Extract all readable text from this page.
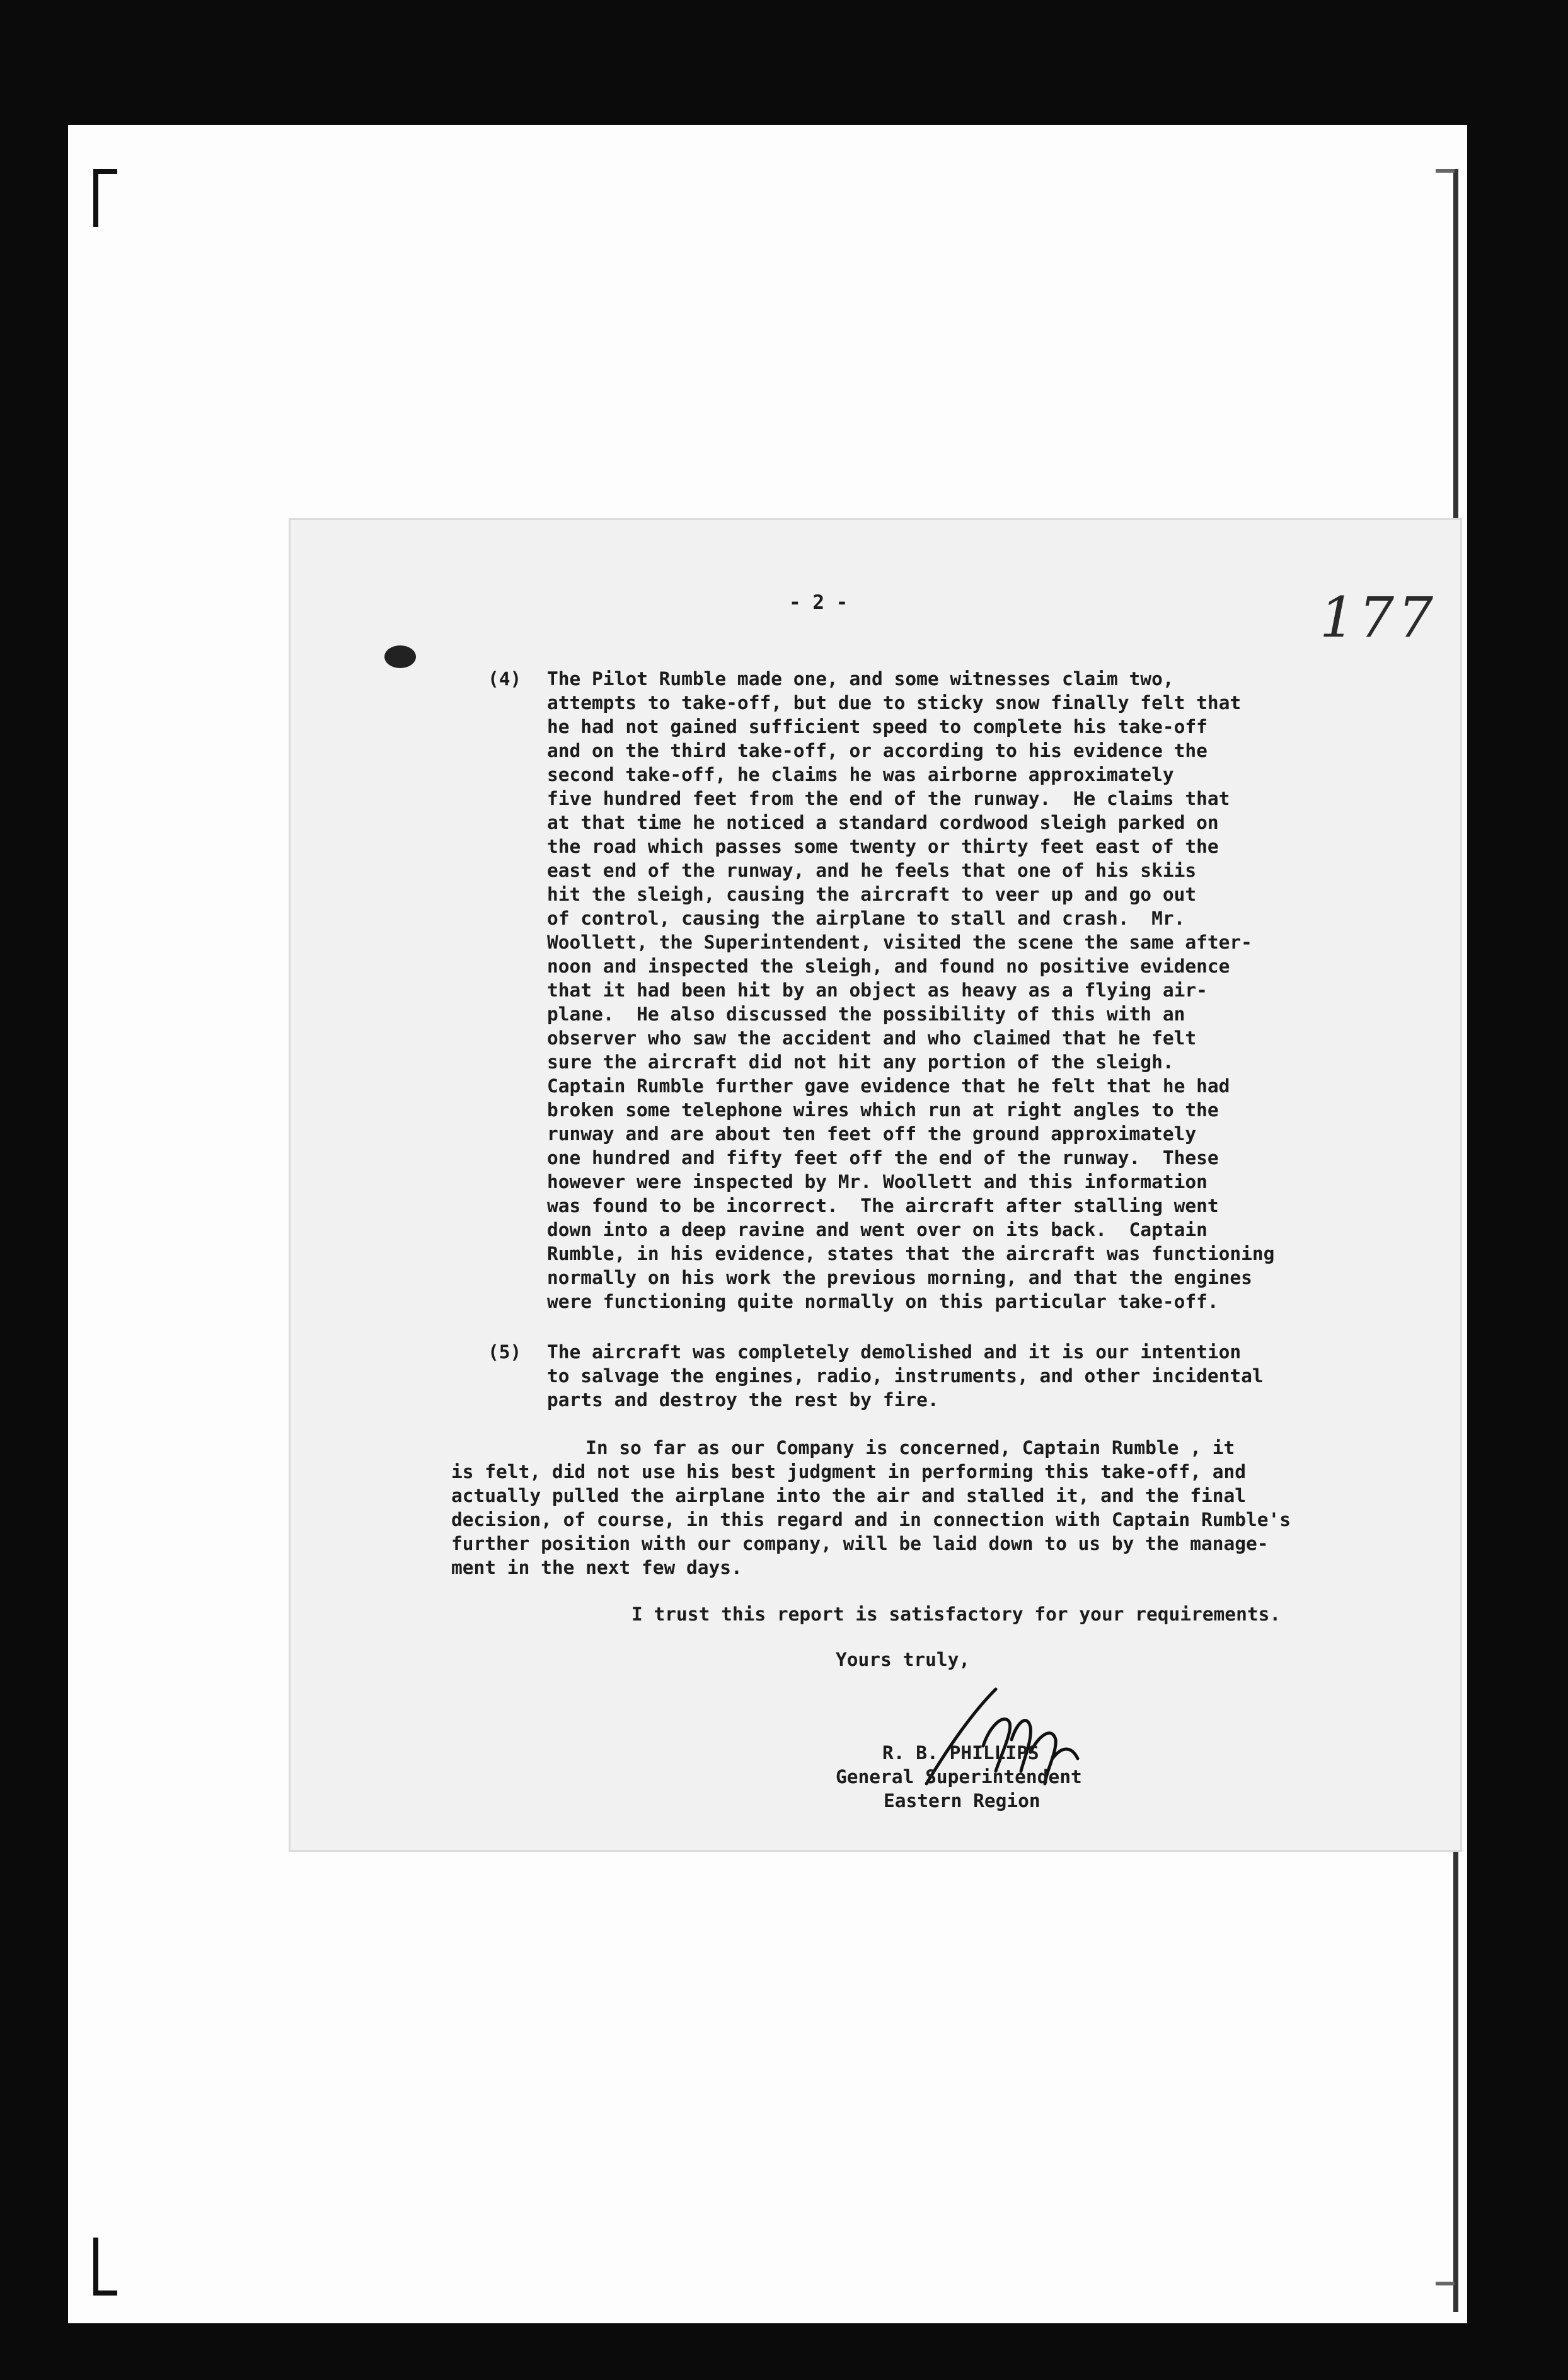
- 2 -	177
(4) The Pilot Rumble made one, and some witnesses claim two,
attempts to take-off, but due to sticky snow finally felt that
he had not gained sufficient speed to complete his take-off
and on the third take-off, or according to his evidence the
second take-off, he claims he was airborne approximately
five hundred feet from the end of the runway.  He claims that
at that time he noticed a standard cordwood sleigh parked on
the road which passes some twenty or thirty feet east of the
east end of the runway, and he feels that one of his skiis
hit the sleigh, causing the aircraft to veer up and go out
of control, causing the airplane to stall and crash.  Mr.
Woollett, the Superintendent, visited the scene the same after-
noon and inspected the sleigh, and found no positive evidence
that it had been hit by an object as heavy as a flying air-
plane.  He also discussed the possibility of this with an
observer who saw the accident and who claimed that he felt
sure the aircraft did not hit any portion of the sleigh.
Captain Rumble further gave evidence that he felt that he had
broken some telephone wires which run at right angles to the
runway and are about ten feet off the ground approximately
one hundred and fifty feet off the end of the runway.  These
however were inspected by Mr. Woollett and this information
was found to be incorrect.  The aircraft after stalling went
down into a deep ravine and went over on its back.  Captain
Rumble, in his evidence, states that the aircraft was functioning
normally on his work the previous morning, and that the engines
were functioning quite normally on this particular take-off.
(5) The aircraft was completely demolished and it is our intention
to salvage the engines, radio, instruments, and other incidental
parts and destroy the rest by fire.
In so far as our Company is concerned, Captain Rumble , it
is felt, did not use his best judgment in performing this take-off, and
actually pulled the airplane into the air and stalled it, and the final
decision, of course, in this regard and in connection with Captain Rumble's
further position with our company, will be laid down to us by the manage-
ment in the next few days.
I trust this report is satisfactory for your requirements.
Yours truly,
R. B. PHILLIPS
General Superintendent
Eastern Region
